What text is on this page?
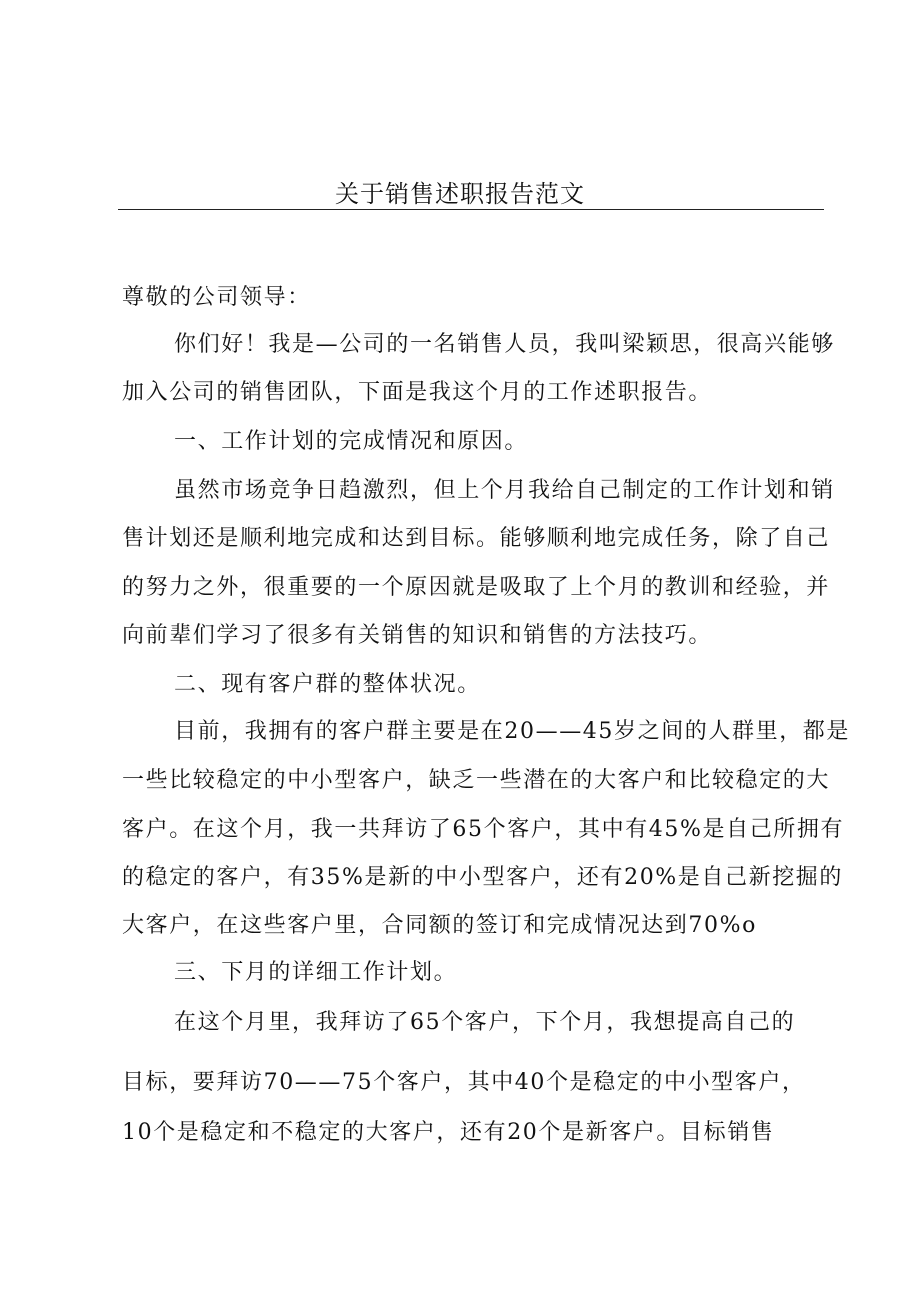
关于销售述职报告范文
尊敬的公司领导：
你们好！我是—公司的一名销售人员，我叫梁颖思，很高兴能够
加入公司的销售团队，下面是我这个月的工作述职报告。
一、工作计划的完成情况和原因。
虽然市场竞争日趋激烈，但上个月我给自己制定的工作计划和销
售计划还是顺利地完成和达到目标。能够顺利地完成任务，除了自己
的努力之外，很重要的一个原因就是吸取了上个月的教训和经验，并
向前辈们学习了很多有关销售的知识和销售的方法技巧。
二、现有客户群的整体状况。
目前，我拥有的客户群主要是在20——45岁之间的人群里，都是
一些比较稳定的中小型客户，缺乏一些潜在的大客户和比较稳定的大
客户。在这个月，我一共拜访了65个客户，其中有45%是自己所拥有
的稳定的客户，有35%是新的中小型客户，还有20%是自己新挖掘的
大客户，在这些客户里，合同额的签订和完成情况达到70%o
三、下月的详细工作计划。
在这个月里，我拜访了65个客户，下个月，我想提高自己的
目标，要拜访70——75个客户，其中40个是稳定的中小型客户，
10个是稳定和不稳定的大客户，还有20个是新客户。目标销售
